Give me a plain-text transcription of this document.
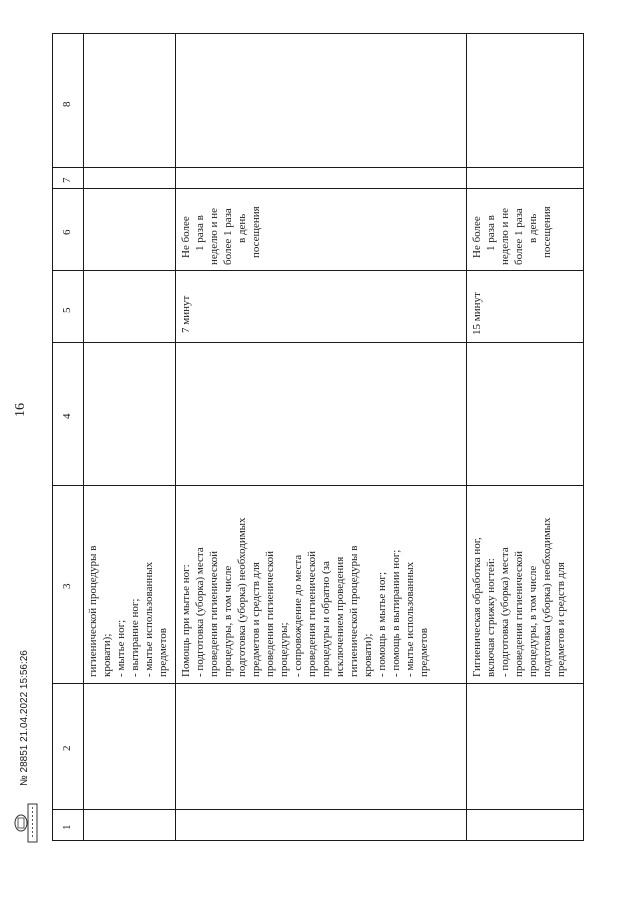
16
8
7
6
5
4
3
2
1
гигиенической процедуры в кровати); - мытье ног; - вытирание ног; - мытье использованных предметов Помощь при мытье ног: - подготовка (уборка) места проведения гигиенической процедуры, в том числе подготовка (уборка) необходимых предметов и средств для проведения гигиенической процедуры; - сопровождение до места проведения гигиенической процедуры и обратно (за исключением проведения гигиенической процедуры в кровати); - помощь в мытье ног; - помощь в вытирании ног; - мытье использованных предметов
7 минут
Не более 1 раза в неделю и не более 1 раза в день посещения
Гигиеническая обработка ног, включая стрижку ногтей: - подготовка (уборка) места проведения гигиенической процедуры, в том числе подготовка (уборка) необходимых предметов и средств для
15 минут
Не более 1 раза в неделю и не более 1 раза в день посещения
№ 28851 21.04.2022 15:56:26
